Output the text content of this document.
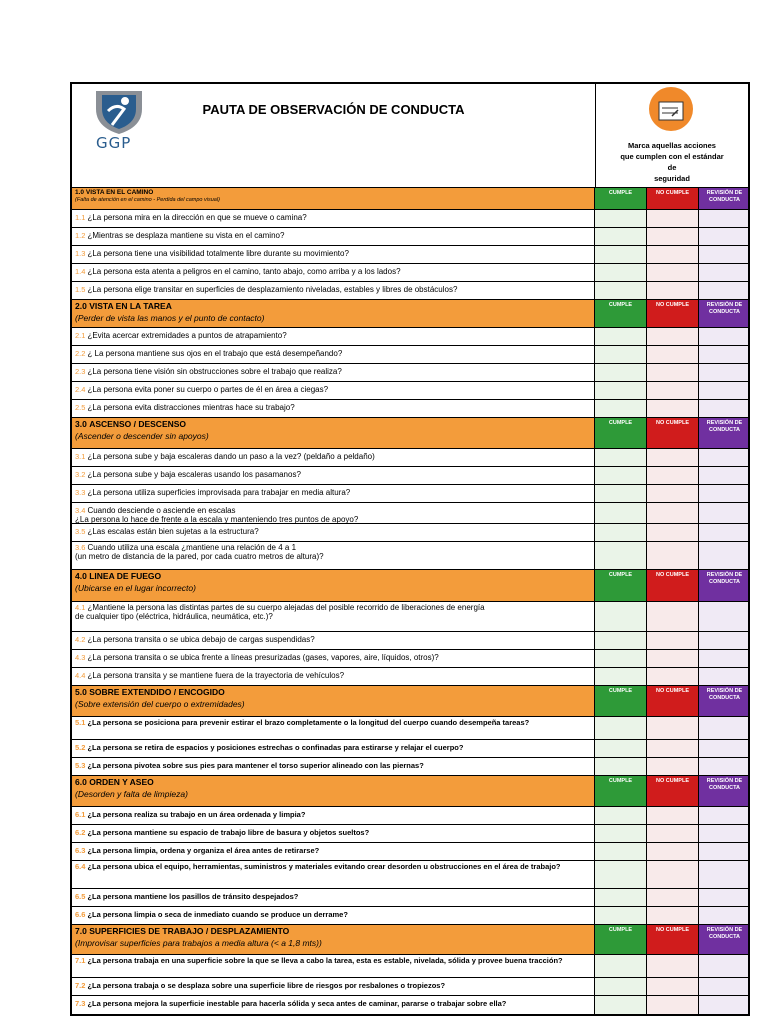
GGP
PAUTA DE OBSERVACIÓN DE CONDUCTA
Marca aquellas acciones
que cumplen con el estándar
de
seguridad
1.0 VISTA EN EL CAMINO
(Falta de atención en el camino - Perdida del campo visual)
CUMPLE	NO CUMPLE	REVISIÓN DE CONDUCTA
1.1 ¿La persona mira en la dirección en que se mueve o camina?
1.2 ¿Mientras se desplaza mantiene su vista en el camino?
1.3 ¿La persona tiene una visibilidad totalmente libre durante su movimiento?
1.4 ¿La persona esta atenta a peligros en el camino, tanto abajo, como arriba y a los lados?
1.5 ¿La persona elige transitar en superficies de desplazamiento niveladas, estables y libres de obstáculos?
2.0 VISTA EN LA TAREA
(Perder de vista las manos y el punto de contacto)
CUMPLE	NO CUMPLE	REVISIÓN DE CONDUCTA
2.1 ¿Evita acercar extremidades a puntos de atrapamiento?
2.2 ¿ La persona mantiene sus ojos en el trabajo que está desempeñando?
2.3 ¿La persona tiene visión sin obstrucciones sobre el trabajo que realiza?
2.4 ¿La persona evita poner su cuerpo o partes de él en área a ciegas?
2.5 ¿La persona evita distracciones mientras hace su trabajo?
3.0 ASCENSO / DESCENSO
(Ascender o descender sin apoyos)
CUMPLE	NO CUMPLE	REVISIÓN DE CONDUCTA
3.1 ¿La persona sube y baja escaleras dando un paso a la vez? (peldaño a peldaño)
3.2 ¿La persona sube y baja escaleras usando los pasamanos?
3.3 ¿La persona utiliza superficies improvisada para trabajar en media altura?
3.4 Cuando desciende o asciende en escalas
¿La persona lo hace de frente a la escala y manteniendo tres puntos de apoyo?
3.5 ¿Las escalas están bien sujetas a la estructura?
3.6 Cuando utiliza una escala ¿mantiene una relación de 4 a 1
(un metro de distancia de la pared, por cada cuatro metros de altura)?
4.0 LINEA DE FUEGO
(Ubicarse en el lugar incorrecto)
CUMPLE	NO CUMPLE	REVISIÓN DE CONDUCTA
4.1 ¿Mantiene la persona las distintas partes de su cuerpo alejadas del posible recorrido de liberaciones de energía
de cualquier tipo (eléctrica, hidráulica, neumática, etc.)?
4.2 ¿La persona transita o se ubica debajo de cargas suspendidas?
4.3 ¿La persona transita o se ubica frente a líneas presurizadas (gases, vapores, aire, líquidos, otros)?
4.4 ¿La persona transita y se mantiene fuera de la trayectoria de vehículos?
5.0 SOBRE EXTENDIDO / ENCOGIDO
(Sobre extensión del cuerpo o extremidades)
CUMPLE	NO CUMPLE	REVISIÓN DE CONDUCTA
5.1 ¿La persona se posiciona para prevenir estirar el brazo completamente o la longitud del cuerpo cuando desempeña tareas?
5.2 ¿La persona se retira de espacios y posiciones estrechas o confinadas para estirarse y relajar el cuerpo?
5.3 ¿La persona pivotea sobre sus pies para mantener el torso superior alineado con las piernas?
6.0 ORDEN Y ASEO
(Desorden y falta de limpieza)
CUMPLE	NO CUMPLE	REVISIÓN DE CONDUCTA
6.1 ¿La persona realiza su trabajo en un área ordenada y limpia?
6.2 ¿La persona mantiene su espacio de trabajo libre de basura y objetos sueltos?
6.3 ¿La persona limpia, ordena y organiza el área antes de retirarse?
6.4 ¿La persona ubica el equipo, herramientas, suministros y materiales evitando crear desorden u obstrucciones en el área de trabajo?
6.5 ¿La persona mantiene los pasillos de tránsito despejados?
6.6 ¿La persona limpia o seca de inmediato cuando se produce un derrame?
7.0 SUPERFICIES DE TRABAJO / DESPLAZAMIENTO
(Improvisar superficies para trabajos a media altura (< a 1,8 mts))
CUMPLE	NO CUMPLE	REVISIÓN DE CONDUCTA
7.1 ¿La persona trabaja en una superficie sobre la que se lleva a cabo la tarea, esta es estable, nivelada, sólida y provee buena tracción?
7.2 ¿La persona trabaja o se desplaza sobre una superficie libre de riesgos por resbalones o tropiezos?
7.3 ¿La persona mejora la superficie inestable para hacerla sólida y seca antes de caminar, pararse o trabajar sobre ella?
